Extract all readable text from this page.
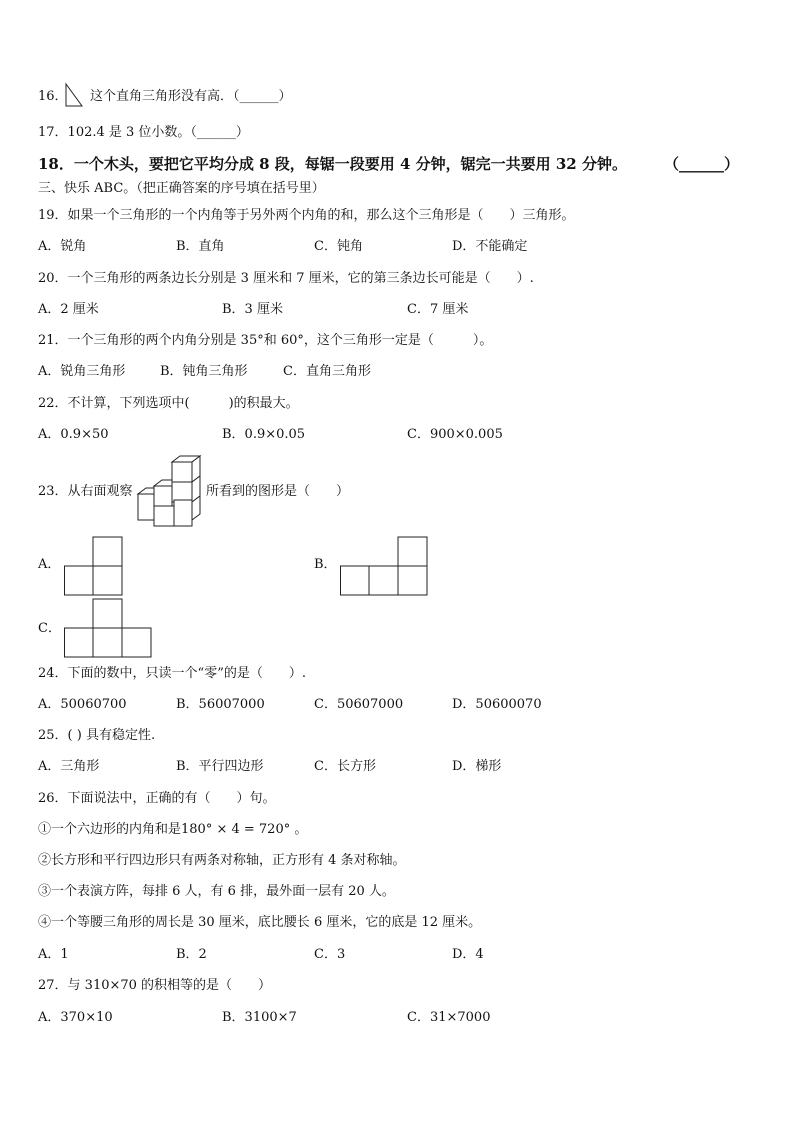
16． 这个直角三角形没有高．（______）
17．102.4 是 3 位小数。（______）
18．一个木头，要把它平均分成 8 段，每锯一段要用 4 分钟，锯完一共要用 32 分钟。 （______）
三、快乐 ABC。（把正确答案的序号填在括号里）
19．如果一个三角形的一个内角等于另外两个内角的和，那么这个三角形是（　　）三角形。
A．锐角	B．直角	C．钝角	D．不能确定
20．一个三角形的两条边长分别是 3 厘米和 7 厘米，它的第三条边长可能是（　　）.
A．2 厘米	B．3 厘米	C．7 厘米
21．一个三角形的两个内角分别是 35°和 60°，这个三角形一定是（　　　）。
A．锐角三角形	B．钝角三角形	C．直角三角形
22．不计算，下列选项中(　　　)的积最大。
A．0.9×50	B．0.9×0.05	C．900×0.005
23．从右面观察	所看到的图形是（　　）
A．	B．
C．
24．下面的数中，只读一个“零”的是（　　）.
A．50060700	B．56007000	C．50607000	D．50600070
25．( ) 具有稳定性.
A．三角形	B．平行四边形	C．长方形	D．梯形
26．下面说法中，正确的有（　　）句。
①一个六边形的内角和是180° × 4 = 720° 。
②长方形和平行四边形只有两条对称轴，正方形有 4 条对称轴。
③一个表演方阵，每排 6 人，有 6 排，最外面一层有 20 人。
④一个等腰三角形的周长是 30 厘米，底比腰长 6 厘米，它的底是 12 厘米。
A．1	B．2	C．3	D．4
27．与 310×70 的积相等的是（　　）
A．370×10	B．3100×7	C．31×7000
